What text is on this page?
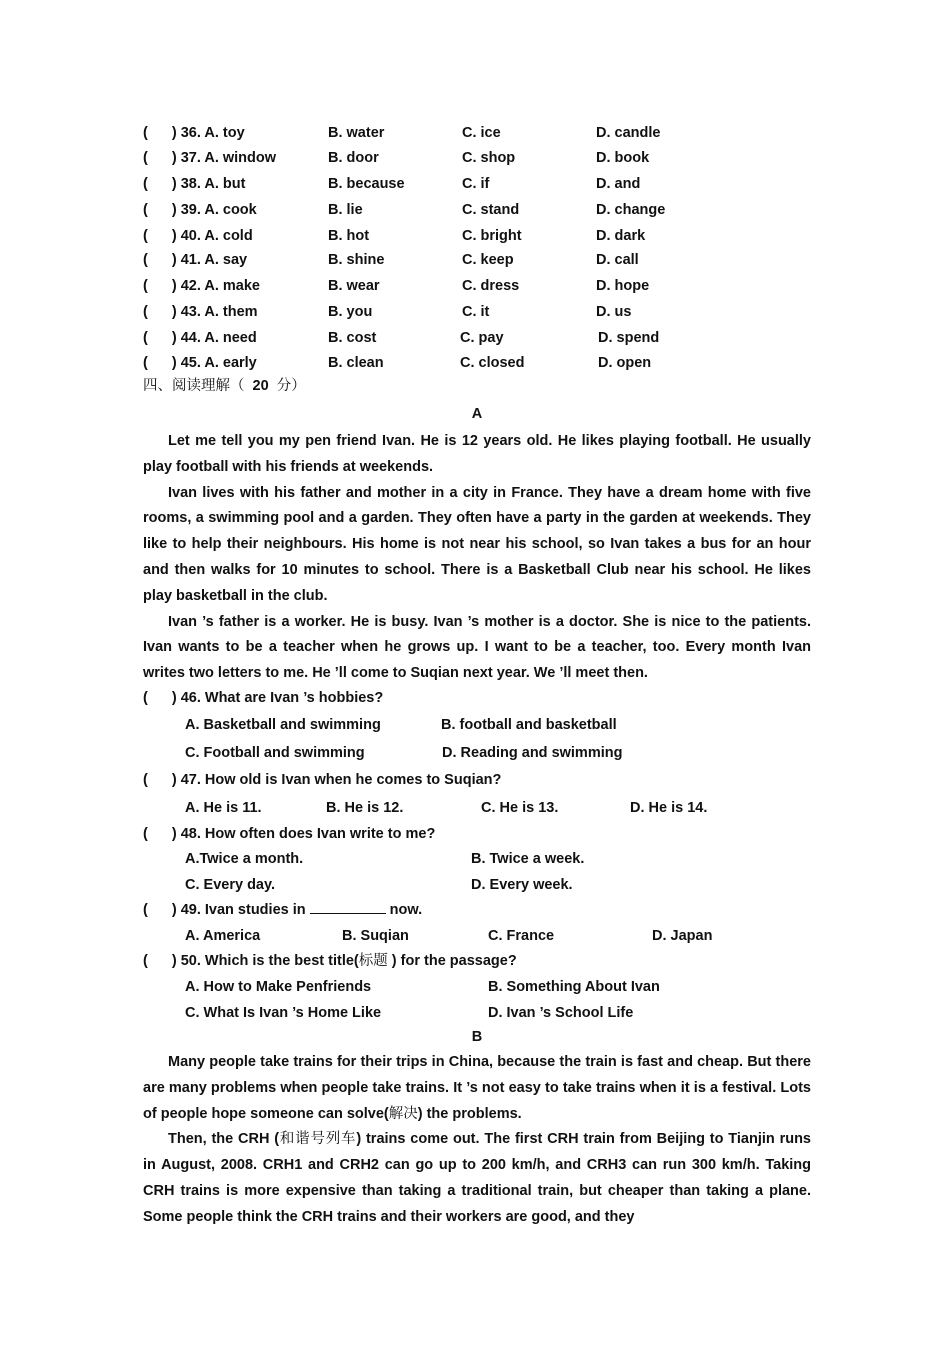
( ) 36. A. toy	B. water	C. ice	D. candle
( ) 37. A. window	B. door	C. shop	D. book
( ) 38. A. but	B. because	C. if	D. and
( ) 39. A. cook	B. lie	C. stand	D. change
( ) 40. A. cold	B. hot	C. bright	D. dark
( ) 41. A. say	B. shine	C. keep	D. call
( ) 42. A. make	B. wear	C. dress	D. hope
( ) 43. A. them	B. you	C. it	D. us
( ) 44. A. need	B. cost	C. pay	D. spend
( ) 45. A. early	B. clean	C. closed	D. open
四、阅读理解（ 20 分）
A

Let me tell you my pen friend Ivan. He is 12 years old. He likes playing football. He usually play football with his friends at weekends.

Ivan lives with his father and mother in a city in France. They have a dream home with five rooms, a swimming pool and a garden. They often have a party in the garden at weekends. They like to help their neighbours. His home is not near his school, so Ivan takes a bus for an hour and then walks for 10 minutes to school. There is a Basketball Club near his school. He likes play basketball in the club.

Ivan ’s father is a worker. He is busy. Ivan ’s mother is a doctor. She is nice to the patients. Ivan wants to be a teacher when he grows up. I want to be a teacher, too. Every month Ivan writes two letters to me. He ’ll come to Suqian next year. We ’ll meet then.

( ) 46. What are Ivan ’s hobbies?
A. Basketball and swimming	B. football and basketball
C. Football and swimming	D. Reading and swimming
( ) 47. How old is Ivan when he comes to Suqian?
A. He is 11.	B. He is 12.	C. He is 13.	D. He is 14.
( ) 48. How often does Ivan write to me?
A.Twice a month.	B. Twice a week.
C. Every day.	D. Every week.
( ) 49. Ivan studies in	now.
A. America	B. Suqian	C. France	D. Japan
( ) 50. Which is the best title(标题 ) for the passage?
A. How to Make Penfriends	B. Something About Ivan
C. What Is Ivan ’s Home Like	D. Ivan ’s School Life
B

Many people take trains for their trips in China, because the train is fast and cheap. But there are many problems when people take trains. It ’s not easy to take trains when it is a festival. Lots of people hope someone can solve(解决) the problems.

Then, the CRH (和谐号列车) trains come out. The first CRH train from Beijing to Tianjin runs in August, 2008. CRH1 and CRH2 can go up to 200 km/h, and CRH3 can run 300 km/h. Taking CRH trains is more expensive than taking a traditional train, but cheaper than taking a plane. Some people think the CRH trains and their workers are good, and they
